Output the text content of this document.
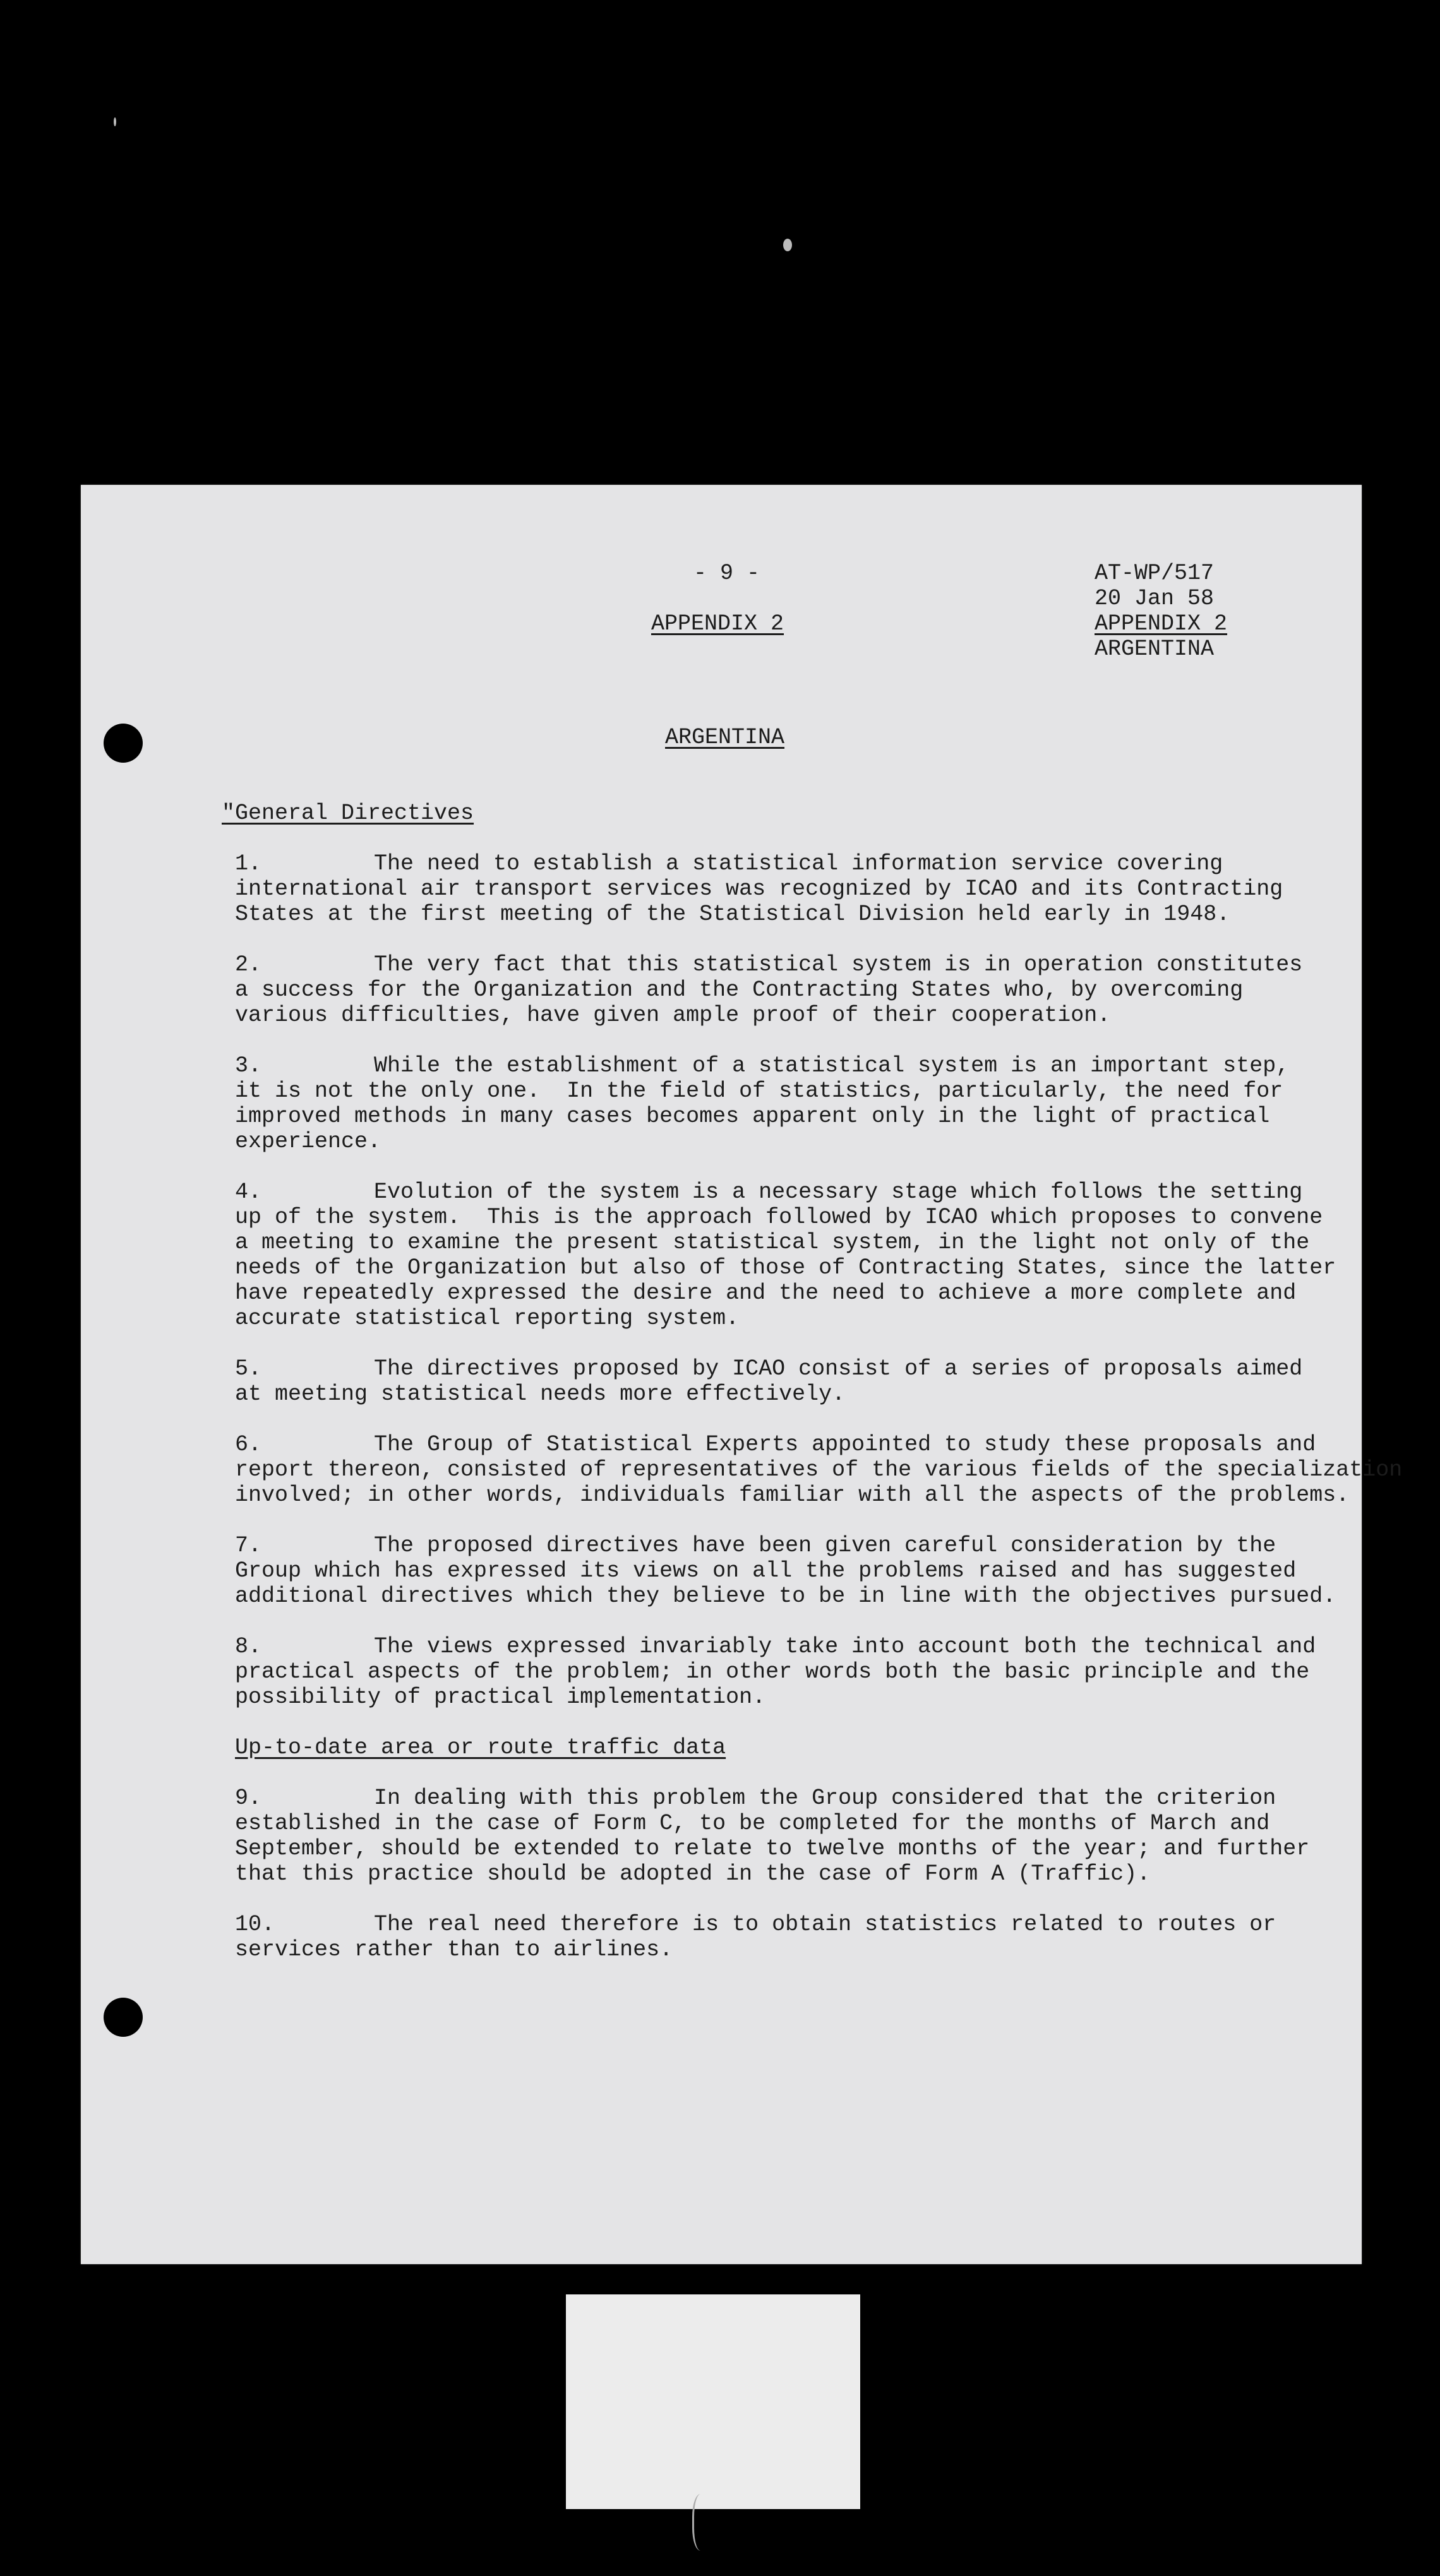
- 9 -
APPENDIX 2
AT-WP/517
20 Jan 58
APPENDIX 2
ARGENTINA
ARGENTINA
"General Directives
1.	The need to establish a statistical information service covering
international air transport services was recognized by ICAO and its Contracting
States at the first meeting of the Statistical Division held early in 1948.
2.	The very fact that this statistical system is in operation constitutes
a success for the Organization and the Contracting States who, by overcoming
various difficulties, have given ample proof of their cooperation.
3.	While the establishment of a statistical system is an important step,
it is not the only one.  In the field of statistics, particularly, the need for
improved methods in many cases becomes apparent only in the light of practical
experience.
4.	Evolution of the system is a necessary stage which follows the setting
up of the system.  This is the approach followed by ICAO which proposes to convene
a meeting to examine the present statistical system, in the light not only of the
needs of the Organization but also of those of Contracting States, since the latter
have repeatedly expressed the desire and the need to achieve a more complete and
accurate statistical reporting system.
5.	The directives proposed by ICAO consist of a series of proposals aimed
at meeting statistical needs more effectively.
6.	The Group of Statistical Experts appointed to study these proposals and
report thereon, consisted of representatives of the various fields of the specialization
involved; in other words, individuals familiar with all the aspects of the problems.
7.	The proposed directives have been given careful consideration by the
Group which has expressed its views on all the problems raised and has suggested
additional directives which they believe to be in line with the objectives pursued.
8.	The views expressed invariably take into account both the technical and
practical aspects of the problem; in other words both the basic principle and the
possibility of practical implementation.
Up-to-date area or route traffic data
9.	In dealing with this problem the Group considered that the criterion
established in the case of Form C, to be completed for the months of March and
September, should be extended to relate to twelve months of the year; and further
that this practice should be adopted in the case of Form A (Traffic).
10.	The real need therefore is to obtain statistics related to routes or
services rather than to airlines.
